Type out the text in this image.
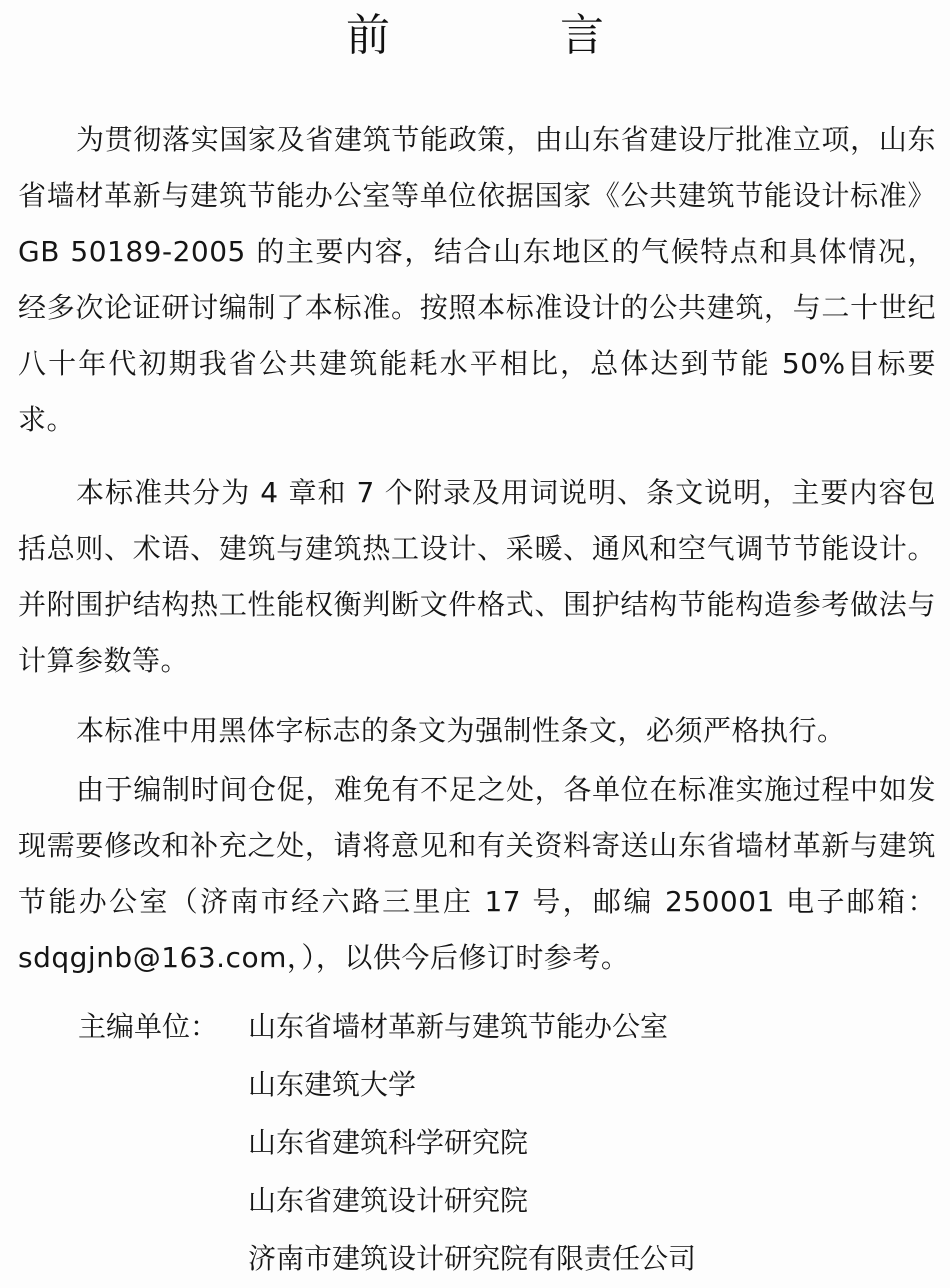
前 言
为贯彻落实国家及省建筑节能政策，由山东省建设厅批准立项，山东省墙材革新与建筑节能办公室等单位依据国家《公共建筑节能设计标准》GB 50189-2005 的主要内容，结合山东地区的气候特点和具体情况，经多次论证研讨编制了本标准。按照本标准设计的公共建筑，与二十世纪八十年代初期我省公共建筑能耗水平相比，总体达到节能 50%目标要求。
本标准共分为 4 章和 7 个附录及用词说明、条文说明，主要内容包括总则、术语、建筑与建筑热工设计、采暖、通风和空气调节节能设计。并附围护结构热工性能权衡判断文件格式、围护结构节能构造参考做法与计算参数等。
本标准中用黑体字标志的条文为强制性条文，必须严格执行。
由于编制时间仓促，难免有不足之处，各单位在标准实施过程中如发现需要修改和补充之处，请将意见和有关资料寄送山东省墙材革新与建筑节能办公室（济南市经六路三里庄 17 号，邮编 250001 电子邮箱：sdqgjnb@163.com，），以供今后修订时参考。
主编单位：	山东省墙材革新与建筑节能办公室
山东建筑大学
山东省建筑科学研究院
山东省建筑设计研究院
济南市建筑设计研究院有限责任公司
